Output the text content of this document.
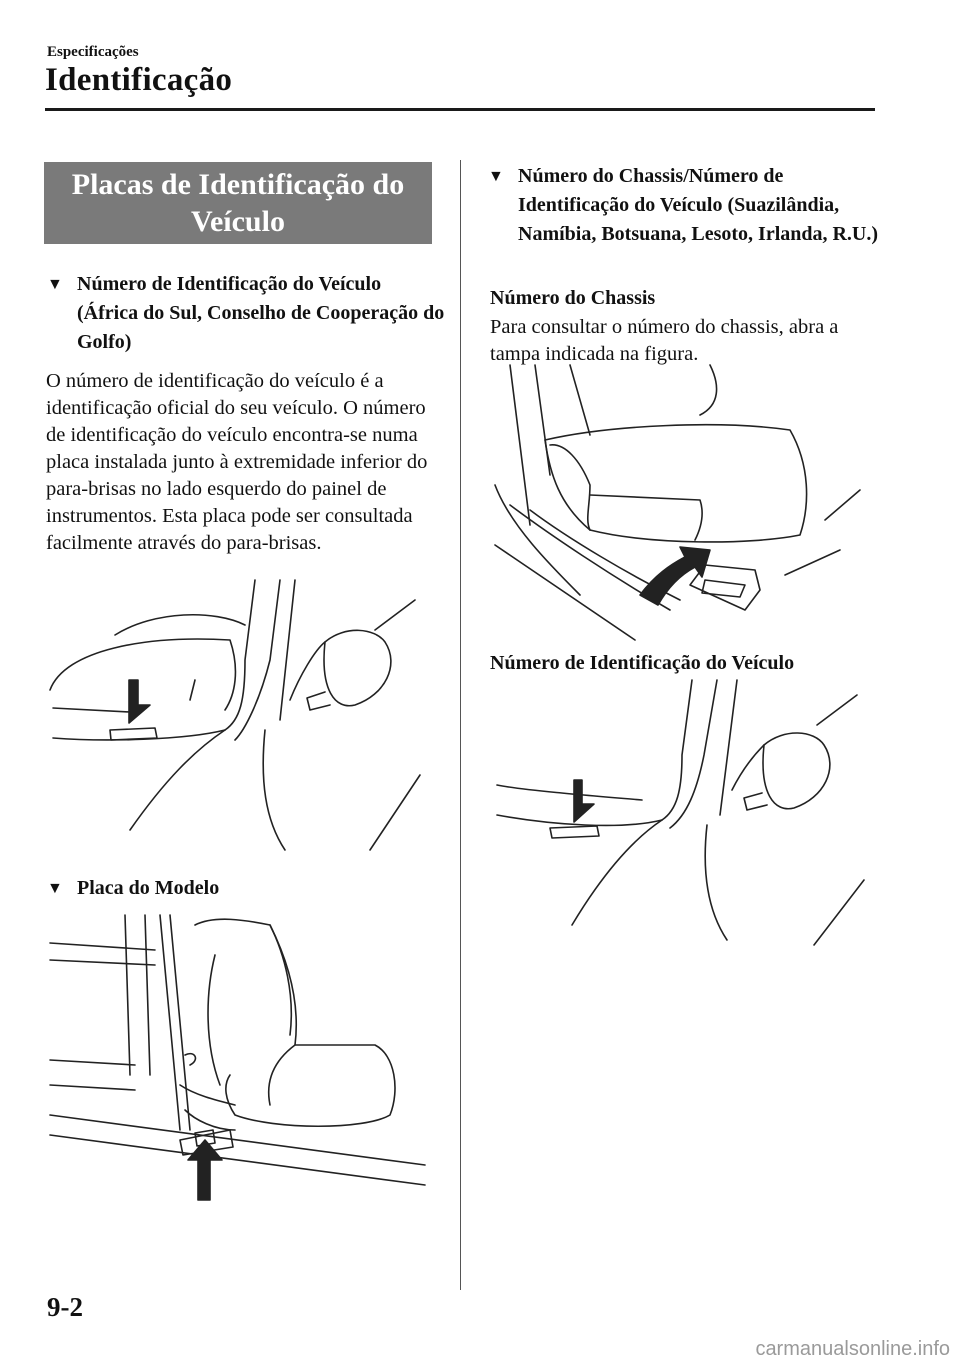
Especificações
Identificação
Placas de Identificação do Veículo
▼ Número de Identificação do Veículo (África do Sul, Conselho de Cooperação do Golfo)
O número de identificação do veículo é a identificação oficial do seu veículo. O número de identificação do veículo encontra-se numa placa instalada junto à extremidade inferior do para-brisas no lado esquerdo do painel de instrumentos. Esta placa pode ser consultada facilmente através do para-brisas.
▼ Placa do Modelo
▼ Número do Chassis/Número de Identificação do Veículo (Suazilândia, Namíbia, Botsuana, Lesoto, Irlanda, R.U.)
Número do Chassis
Para consultar o número do chassis, abra a tampa indicada na figura.
Número de Identificação do Veículo
9-2
carmanualsonline.info
